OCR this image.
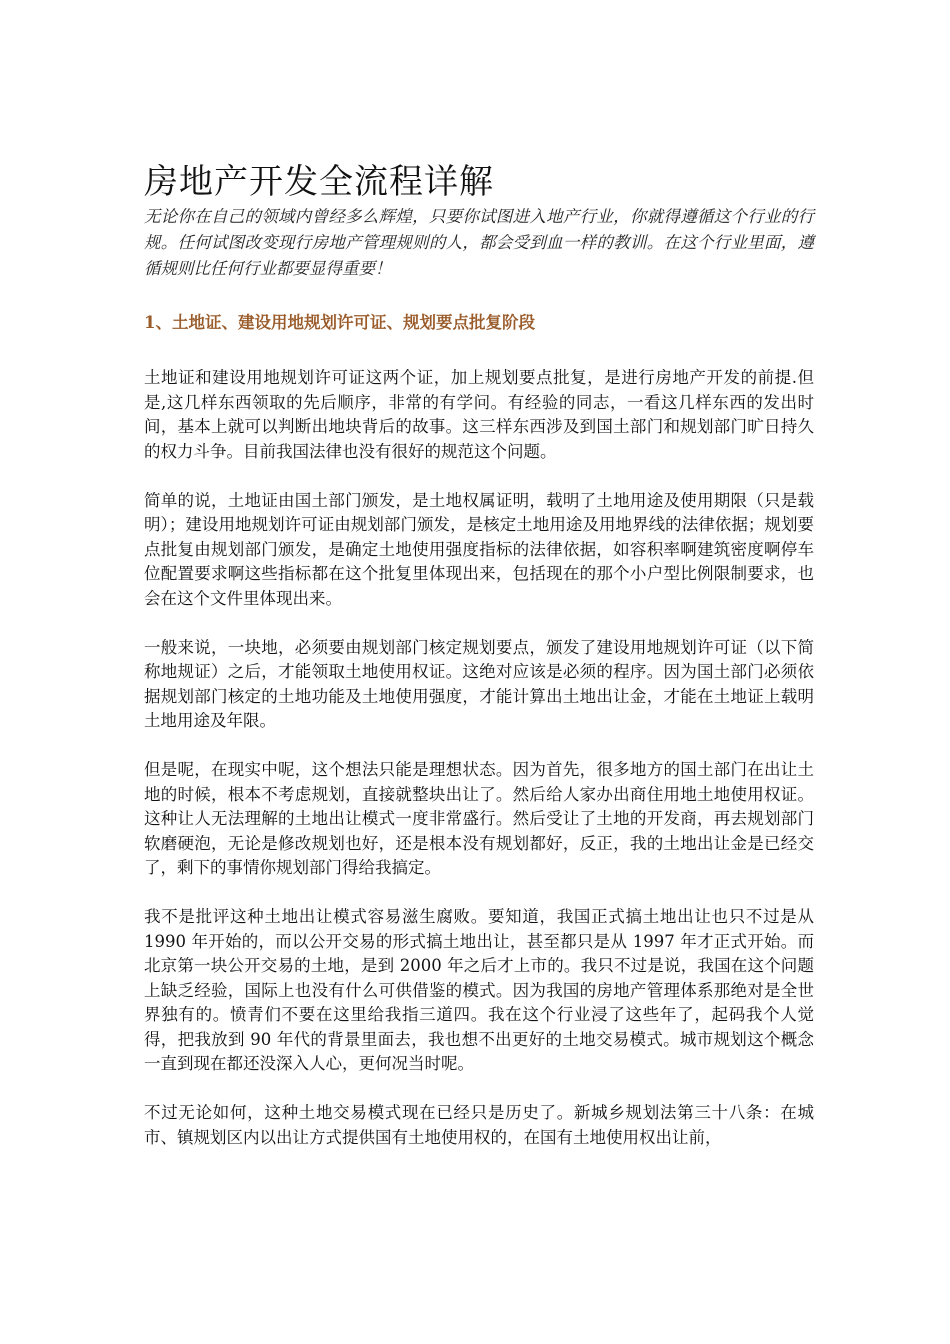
房地产开发全流程详解

无论你在自己的领域内曾经多么辉煌，只要你试图进入地产行业，你就得遵循这个行业的行规。任何试图改变现行房地产管理规则的人，都会受到血一样的教训。在这个行业里面，遵循规则比任何行业都要显得重要！

1、土地证、建设用地规划许可证、规划要点批复阶段

土地证和建设用地规划许可证这两个证，加上规划要点批复，是进行房地产开发的前提.但是,这几样东西领取的先后顺序，非常的有学问。有经验的同志，一看这几样东西的发出时间，基本上就可以判断出地块背后的故事。这三样东西涉及到国土部门和规划部门旷日持久的权力斗争。目前我国法律也没有很好的规范这个问题。

简单的说，土地证由国土部门颁发，是土地权属证明，载明了土地用途及使用期限（只是载明）；建设用地规划许可证由规划部门颁发，是核定土地用途及用地界线的法律依据；规划要点批复由规划部门颁发，是确定土地使用强度指标的法律依据，如容积率啊建筑密度啊停车位配置要求啊这些指标都在这个批复里体现出来，包括现在的那个小户型比例限制要求，也会在这个文件里体现出来。

一般来说，一块地，必须要由规划部门核定规划要点，颁发了建设用地规划许可证（以下简称地规证）之后，才能领取土地使用权证。这绝对应该是必须的程序。因为国土部门必须依据规划部门核定的土地功能及土地使用强度，才能计算出土地出让金，才能在土地证上载明土地用途及年限。

但是呢，在现实中呢，这个想法只能是理想状态。因为首先，很多地方的国土部门在出让土地的时候，根本不考虑规划，直接就整块出让了。然后给人家办出商住用地土地使用权证。这种让人无法理解的土地出让模式一度非常盛行。然后受让了土地的开发商，再去规划部门软磨硬泡，无论是修改规划也好，还是根本没有规划都好，反正，我的土地出让金是已经交了，剩下的事情你规划部门得给我搞定。

我不是批评这种土地出让模式容易滋生腐败。要知道，我国正式搞土地出让也只不过是从 1990 年开始的，而以公开交易的形式搞土地出让，甚至都只是从 1997 年才正式开始。而北京第一块公开交易的土地，是到 2000 年之后才上市的。我只不过是说，我国在这个问题上缺乏经验，国际上也没有什么可供借鉴的模式。因为我国的房地产管理体系那绝对是全世界独有的。愤青们不要在这里给我指三道四。我在这个行业浸了这些年了，起码我个人觉得，把我放到 90 年代的背景里面去，我也想不出更好的土地交易模式。城市规划这个概念一直到现在都还没深入人心，更何况当时呢。

不过无论如何，这种土地交易模式现在已经只是历史了。新城乡规划法第三十八条：在城市、镇规划区内以出让方式提供国有土地使用权的，在国有土地使用权出让前，
